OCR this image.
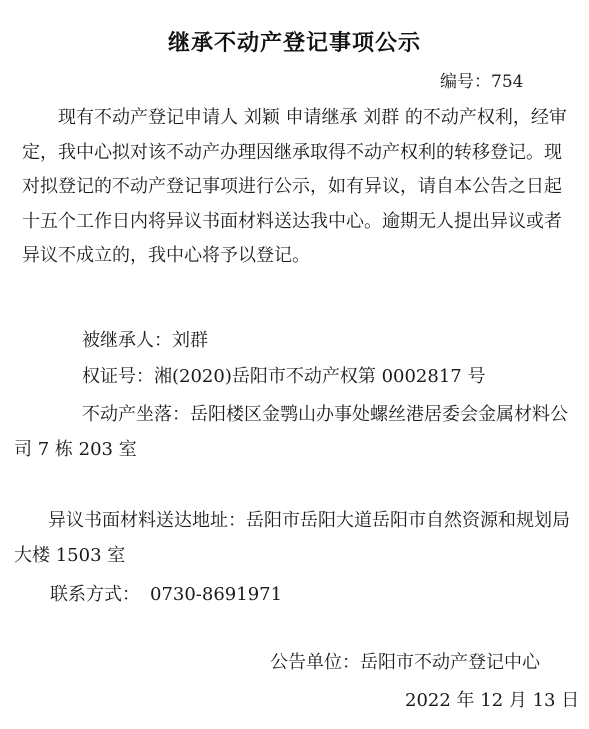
继承不动产登记事项公示
编号：754
现有不动产登记申请人 刘颖 申请继承 刘群 的不动产权利，经审定，我中心拟对该不动产办理因继承取得不动产权利的转移登记。现对拟登记的不动产登记事项进行公示，如有异议，请自本公告之日起十五个工作日内将异议书面材料送达我中心。逾期无人提出异议或者异议不成立的，我中心将予以登记。
被继承人：刘群
权证号：湘(2020)岳阳市不动产权第 0002817 号
不动产坐落：岳阳楼区金鹗山办事处螺丝港居委会金属材料公司 7 栋 203 室
异议书面材料送达地址：岳阳市岳阳大道岳阳市自然资源和规划局大楼 1503 室
联系方式： 0730-8691971
公告单位：岳阳市不动产登记中心
2022 年 12 月 13 日
